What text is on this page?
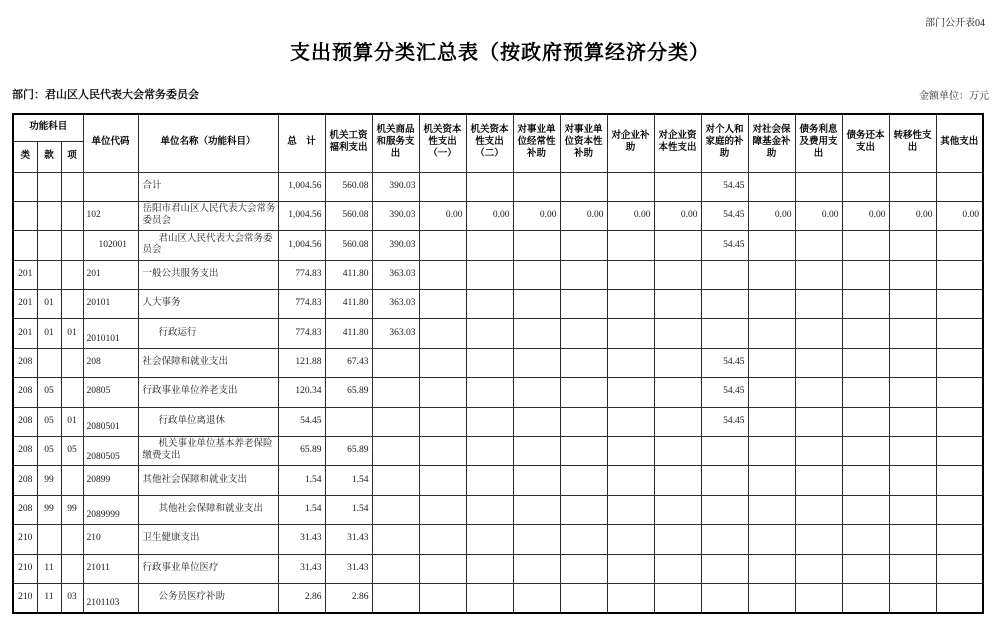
部门公开表04
支出预算分类汇总表（按政府预算经济分类）
部门：君山区人民代表大会常务委员会	金额单位：万元
功能科目			单位代码	单位名称（功能科目）	总　计	机关工资福利支出	机关商品和服务支出	机关资本性支出（一）	机关资本性支出（二）	对事业单位经常性补助	对事业单位资本性补助	对企业补助	对企业资本性支出	对个人和家庭的补助	对社会保障基金补助	债务利息及费用支出	债务还本支出	转移性支出	其他支出
类	款	项																	

				合计	1,004.56	560.08	390.03							54.45					
			102	岳阳市君山区人民代表大会常务委员会	1,004.56	560.08	390.03	0.00	0.00	0.00	0.00	0.00	0.00	54.45	0.00	0.00	0.00	0.00	0.00
			102001	君山区人民代表大会常务委员会	1,004.56	560.08	390.03							54.45					
201			201	一般公共服务支出	774.83	411.80	363.03												
201	01		20101	人大事务	774.83	411.80	363.03												
201	01	01	2010101	行政运行	774.83	411.80	363.03												
208			208	社会保障和就业支出	121.88	67.43								54.45					
208	05		20805	行政事业单位养老支出	120.34	65.89								54.45					
208	05	01	2080501	行政单位离退休	54.45									54.45					
208	05	05	2080505	机关事业单位基本养老保险缴费支出	65.89	65.89													
208	99		20899	其他社会保障和就业支出	1.54	1.54													
208	99	99	2089999	其他社会保障和就业支出	1.54	1.54													
210			210	卫生健康支出	31.43	31.43													
210	11		21011	行政事业单位医疗	31.43	31.43													
210	11	03	2101103	公务员医疗补助	2.86	2.86													
